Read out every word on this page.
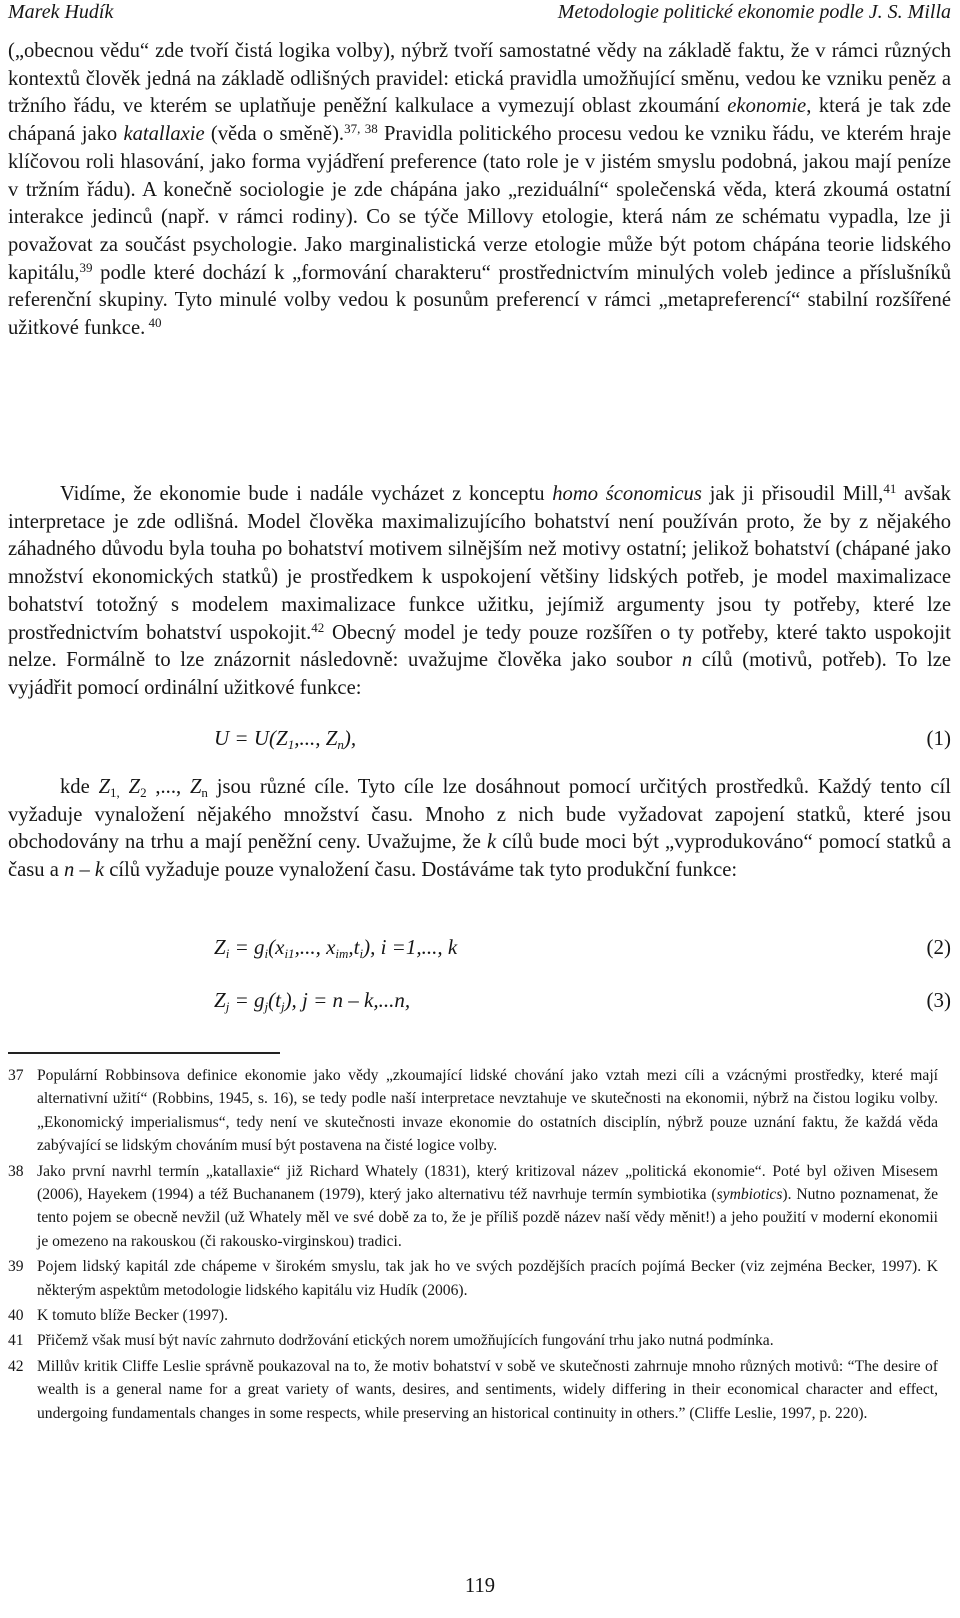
Marek Hudík	Metodologie politické ekonomie podle J. S. Milla

(„obecnou vědu“ zde tvoří čistá logika volby), nýbrž tvoří samostatné vědy na základě faktu, že v rámci různých kontextů člověk jedná na základě odlišných pravidel: etická pravidla umožňující směnu, vedou ke vzniku peněz a tržního řádu, ve kterém se uplatňuje peněžní kalkulace a vymezují oblast zkoumání ekonomie, která je tak zde chápaná jako katallaxie (věda o směně).$^{37, 38}$ Pravidla politického procesu vedou ke vzniku řádu, ve kterém hraje klíčovou roli hlasování, jako forma vyjádření preference (tato role je v jistém smyslu podobná, jakou mají peníze v tržním řádu). A konečně sociologie je zde chápána jako „reziduální“ společenská věda, která zkoumá ostatní interakce jedinců (např. v rámci rodiny). Co se týče Millovy etologie, která nám ze schématu vypadla, lze ji považovat za součást psychologie. Jako marginalistická verze etologie může být potom chápána teorie lidského kapitálu,$^{39}$ podle které dochází k „formování charakteru“ prostřednictvím minulých voleb jedince a příslušníků referenční skupiny. Tyto minulé volby vedou k posunům preferencí v rámci „metapreferencí“ stabilní rozšířené užitkové funkce. $^{40}$

Vidíme, že ekonomie bude i nadále vycházet z konceptu homo śconomicus jak ji přisoudil Mill,$^{41}$ avšak interpretace je zde odlišná. Model člověka maximalizujícího bohatství není používán proto, že by z nějakého záhadného důvodu byla touha po bohatství motivem silnějším než motivy ostatní; jelikož bohatství (chápané jako množství ekonomických statků) je prostředkem k uspokojení většiny lidských potřeb, je model maximalizace bohatství totožný s modelem maximalizace funkce užitku, jejímiž argumenty jsou ty potřeby, které lze prostřednictvím bohatství uspokojit.$^{42}$ Obecný model je tedy pouze rozšířen o ty potřeby, které takto uspokojit nelze. Formálně to lze znázornit následovně: uvažujme člověka jako soubor n cílů (motivů, potřeb). To lze vyjádřit pomocí ordinální užitkové funkce:

$U = U(Z_1$,..., $Z_n$),	(1)

kde $Z_{1,}$ $Z_2$ ,..., $Z_n$ jsou různé cíle. Tyto cíle lze dosáhnout pomocí určitých prostředků. Každý tento cíl vyžaduje vynaložení nějakého množství času. Mnoho z nich bude vyžadovat zapojení statků, které jsou obchodovány na trhu a mají peněžní ceny. Uvažujme, že k cílů bude moci být „vyprodukováno“ pomocí statků a času a n – k cílů vyžaduje pouze vynaložení času. Dostáváme tak tyto produkční funkce:

$Z_i = g_i(x_{i1}$,..., $x_{im},t_i$), i =1,..., k	(2)
$Z_j = g_j(t_j)$, j = n – k,...n,	(3)
37 Populární Robbinsova definice ekonomie jako vědy „zkoumající lidské chování jako vztah mezi cíli a vzácnými prostředky, které mají alternativní užití“ (Robbins, 1945, s. 16), se tedy podle naší interpretace nevztahuje ve skutečnosti na ekonomii, nýbrž na čistou logiku volby. „Ekonomický imperialismus“, tedy není ve skutečnosti invaze ekonomie do ostatních disciplín, nýbrž pouze uznání faktu, že každá věda zabývající se lidským chováním musí být postavena na čisté logice volby.
38 Jako první navrhl termín „katallaxie“ již Richard Whately (1831), který kritizoval název „politická ekonomie“. Poté byl oživen Misesem (2006), Hayekem (1994) a též Buchananem (1979), který jako alternativu též navrhuje termín symbiotika (symbiotics). Nutno poznamenat, že tento pojem se obecně nevžil (už Whately měl ve své době za to, že je příliš pozdě název naší vědy měnit!) a jeho použití v moderní ekonomii je omezeno na rakouskou (či rakousko-virginskou) tradici.
39 Pojem lidský kapitál zde chápeme v širokém smyslu, tak jak ho ve svých pozdějších pracích pojímá Becker (viz zejména Becker, 1997). K některým aspektům metodologie lidského kapitálu viz Hudík (2006).
40 K tomuto blíže Becker (1997).
41 Přičemž však musí být navíc zahrnuto dodržování etických norem umožňujících fungování trhu jako nutná podmínka.
42 Millův kritik Cliffe Leslie správně poukazoval na to, že motiv bohatství v sobě ve skutečnosti zahrnuje mnoho různých motivů: “The desire of wealth is a general name for a great variety of wants, desires, and sentiments, widely differing in their economical character and effect, undergoing fundamentals changes in some respects, while preserving an historical continuity in others.” (Cliffe Leslie, 1997, p. 220).
119
